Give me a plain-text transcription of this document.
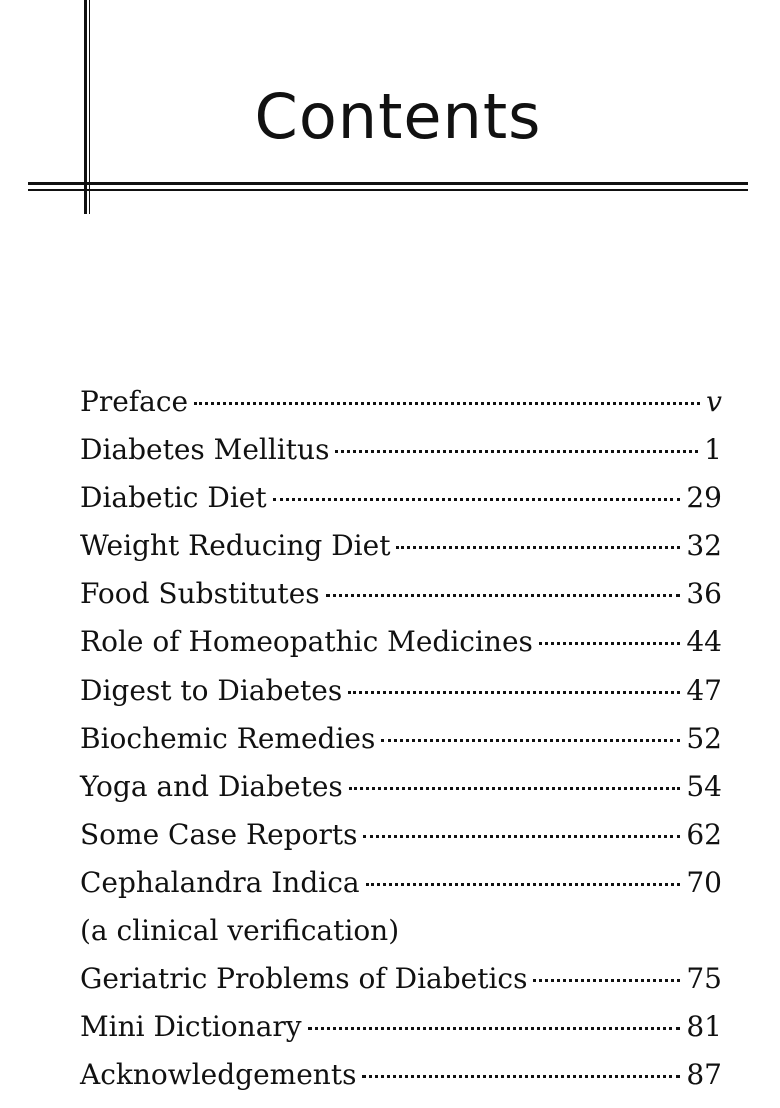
Contents
Preface	v
Diabetes Mellitus	1
Diabetic Diet	29
Weight Reducing Diet	32
Food Substitutes	36
Role of Homeopathic Medicines	44
Digest to Diabetes	47
Biochemic Remedies	52
Yoga and Diabetes	54
Some Case Reports	62
Cephalandra Indica	70
(a clinical verification)
Geriatric Problems of Diabetics	75
Mini Dictionary	81
Acknowledgements	87
